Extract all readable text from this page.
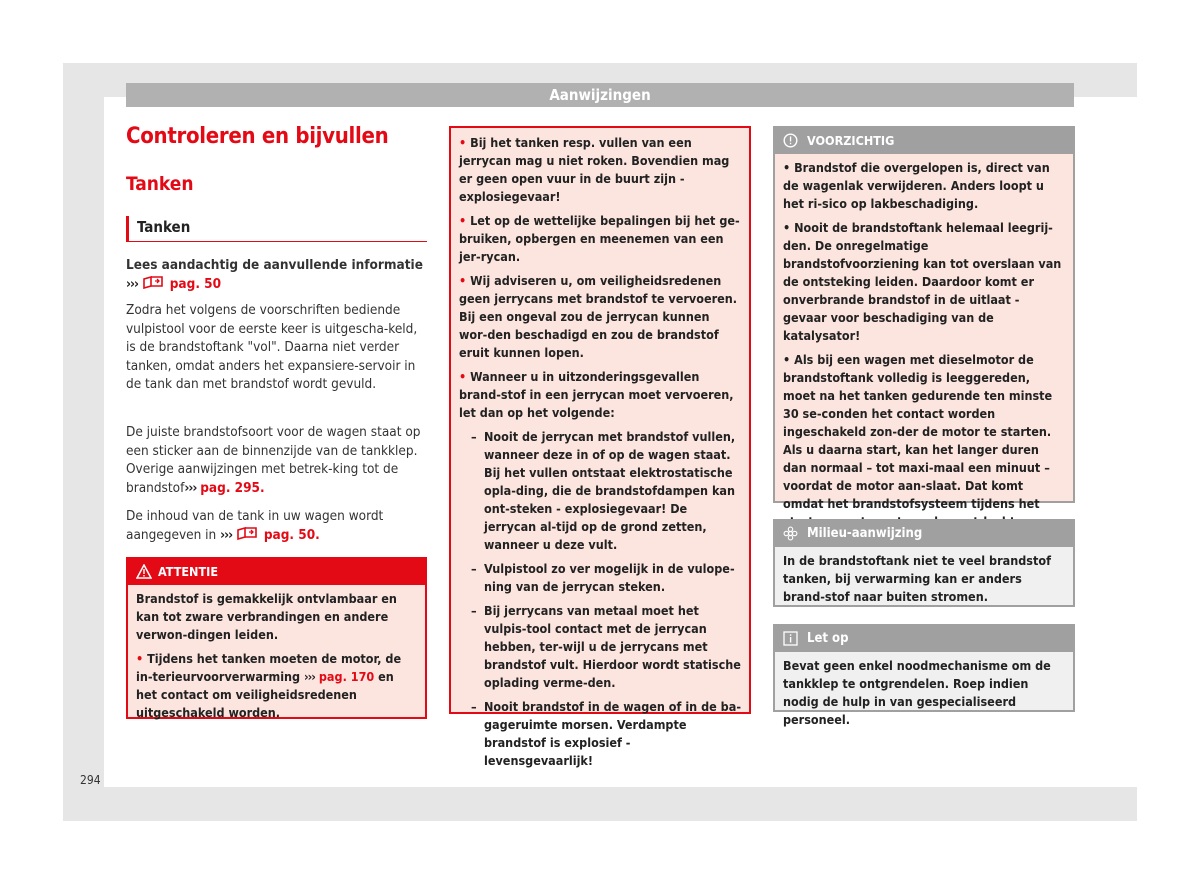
Aanwijzingen
Controleren en bijvullen
Tanken
Tanken
Lees aandachtig de aanvullende informatie
››› pag. 50
Zodra het volgens de voorschriften bediende vulpistool voor de eerste keer is uitgescha-keld, is de brandstoftank "vol". Daarna niet verder tanken, omdat anders het expansiere-servoir in de tank dan met brandstof wordt gevuld.
De juiste brandstofsoort voor de wagen staat op een sticker aan de binnenzijde van de tankklep. Overige aanwijzingen met betrek-king tot de brandstof››› pag. 295.
De inhoud van de tank in uw wagen wordt aangegeven in ››› pag. 50.
ATTENTIE

Brandstof is gemakkelijk ontvlambaar en kan tot zware verbrandingen en andere verwon-dingen leiden.

• Tijdens het tanken moeten de motor, de in-terieurvoorverwarming ››› pag. 170 en het contact om veiligheidsredenen uitgeschakeld worden.

• Bij het tanken resp. vullen van een jerrycan mag u niet roken. Bovendien mag er geen open vuur in de buurt zijn - explosiegevaar!

• Let op de wettelijke bepalingen bij het ge-bruiken, opbergen en meenemen van een jer-rycan.

• Wij adviseren u, om veiligheidsredenen geen jerrycans met brandstof te vervoeren. Bij een ongeval zou de jerrycan kunnen wor-den beschadigd en zou de brandstof eruit kunnen lopen.

• Wanneer u in uitzonderingsgevallen brand-stof in een jerrycan moet vervoeren, let dan op het volgende:

– Nooit de jerrycan met brandstof vullen, wanneer deze in of op de wagen staat. Bij het vullen ontstaat elektrostatische opla-ding, die de brandstofdampen kan ont-steken - explosiegevaar! De jerrycan al-tijd op de grond zetten, wanneer u deze vult.

– Vulpistool zo ver mogelijk in de vulope-ning van de jerrycan steken.

– Bij jerrycans van metaal moet het vulpis-tool contact met de jerrycan hebben, ter-wijl u de jerrycans met brandstof vult. Hierdoor wordt statische oplading verme-den.

– Nooit brandstof in de wagen of in de ba-gageruimte morsen. Verdampte brandstof is explosief - levensgevaarlijk!

VOORZICHTIG

• Brandstof die overgelopen is, direct van de wagenlak verwijderen. Anders loopt u het ri-sico op lakbeschadiging.

• Nooit de brandstoftank helemaal leegrij-den. De onregelmatige brandstofvoorziening kan tot overslaan van de ontsteking leiden. Daardoor komt er onverbrande brandstof in de uitlaat - gevaar voor beschadiging van de katalysator!

• Als bij een wagen met dieselmotor de brandstoftank volledig is leeggereden, moet na het tanken gedurende ten minste 30 se-conden het contact worden ingeschakeld zon-der de motor te starten. Als u daarna start, kan het langer duren dan normaal – tot maxi-maal een minuut – voordat de motor aan-slaat. Dat komt omdat het brandstofsysteem tijdens het

Milieu-aanwijzing
In de brandstoftank niet te veel brandstof tanken, bij verwarming kan er anders brand-stof naar buiten stromen.
Let op
Bevat geen enkel noodmechanisme om de tankklep te ontgrendelen. Roep indien nodig de hulp in van gespecialiseerd personeel.
294
